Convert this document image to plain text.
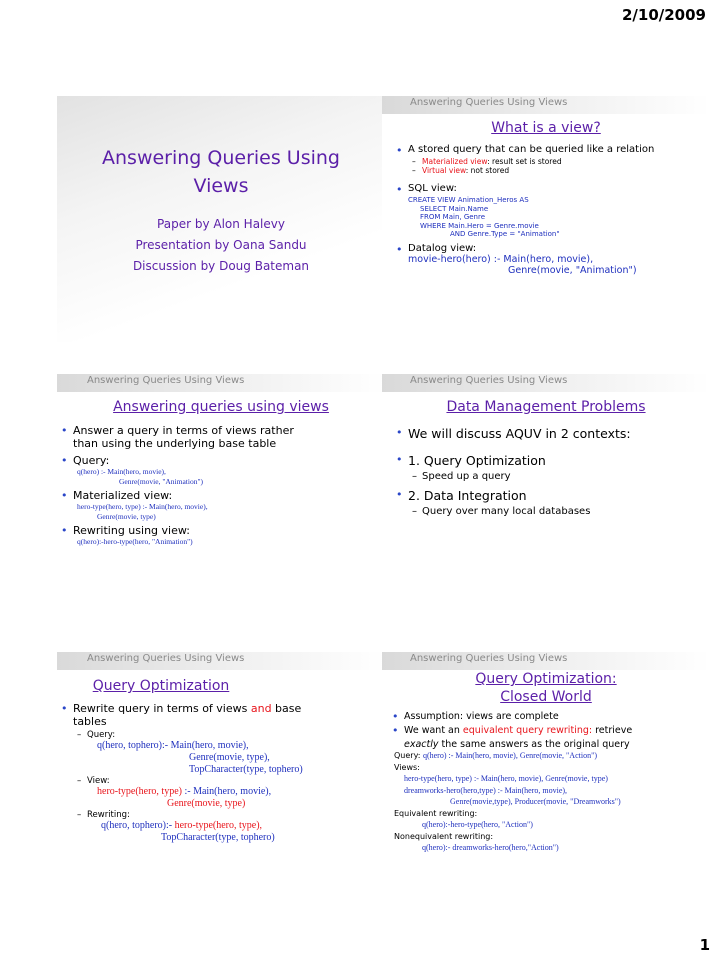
2/10/2009
Answering Queries Using
Views
Paper by Alon Halevy
Presentation by Oana Sandu
Discussion by Doug Bateman
Answering Queries Using Views
What is a view?
• A stored query that can be queried like a relation
– Materialized view: result set is stored
– Virtual view: not stored
• SQL view:
CREATE VIEW Animation_Heros AS
SELECT Main.Name
FROM Main, Genre
WHERE Main.Hero = Genre.movie
AND Genre.Type = "Animation"
• Datalog view:
movie-hero(hero) :- Main(hero, movie),
Genre(movie, "Animation")
Answering Queries Using Views
Answering queries using views
• Answer a query in terms of views rather
than using the underlying base table
• Query:
q(hero) :- Main(hero, movie),
Genre(movie, "Animation")
• Materialized view:
hero-type(hero, type) :- Main(hero, movie),
Genre(movie, type)
• Rewriting using view:
q(hero):-hero-type(hero, "Animation")
Answering Queries Using Views
Data Management Problems
• We will discuss AQUV in 2 contexts:
• 1. Query Optimization
– Speed up a query
• 2. Data Integration
– Query over many local databases
Answering Queries Using Views
Query Optimization
• Rewrite query in terms of views and base
tables
– Query:
q(hero, tophero):- Main(hero, movie),
Genre(movie, type),
TopCharacter(type, tophero)
– View:
hero-type(hero, type) :- Main(hero, movie),
Genre(movie, type)
– Rewriting:
q(hero, tophero):- hero-type(hero, type),
TopCharacter(type, tophero)
Answering Queries Using Views
Query Optimization:
Closed World
• Assumption: views are complete
• We want an equivalent query rewriting: retrieve
exactly the same answers as the original query
Query: q(hero) :- Main(hero, movie), Genre(movie, "Action")
Views:
hero-type(hero, type) :- Main(hero, movie), Genre(movie, type)
dreamworks-hero(hero,type) :- Main(hero, movie),
Genre(movie,type), Producer(movie, "Dreamworks")
Equivalent rewriting:
q(hero):-hero-type(hero, "Action")
Nonequivalent rewriting:
q(hero):- dreamworks-hero(hero,"Action")
1
